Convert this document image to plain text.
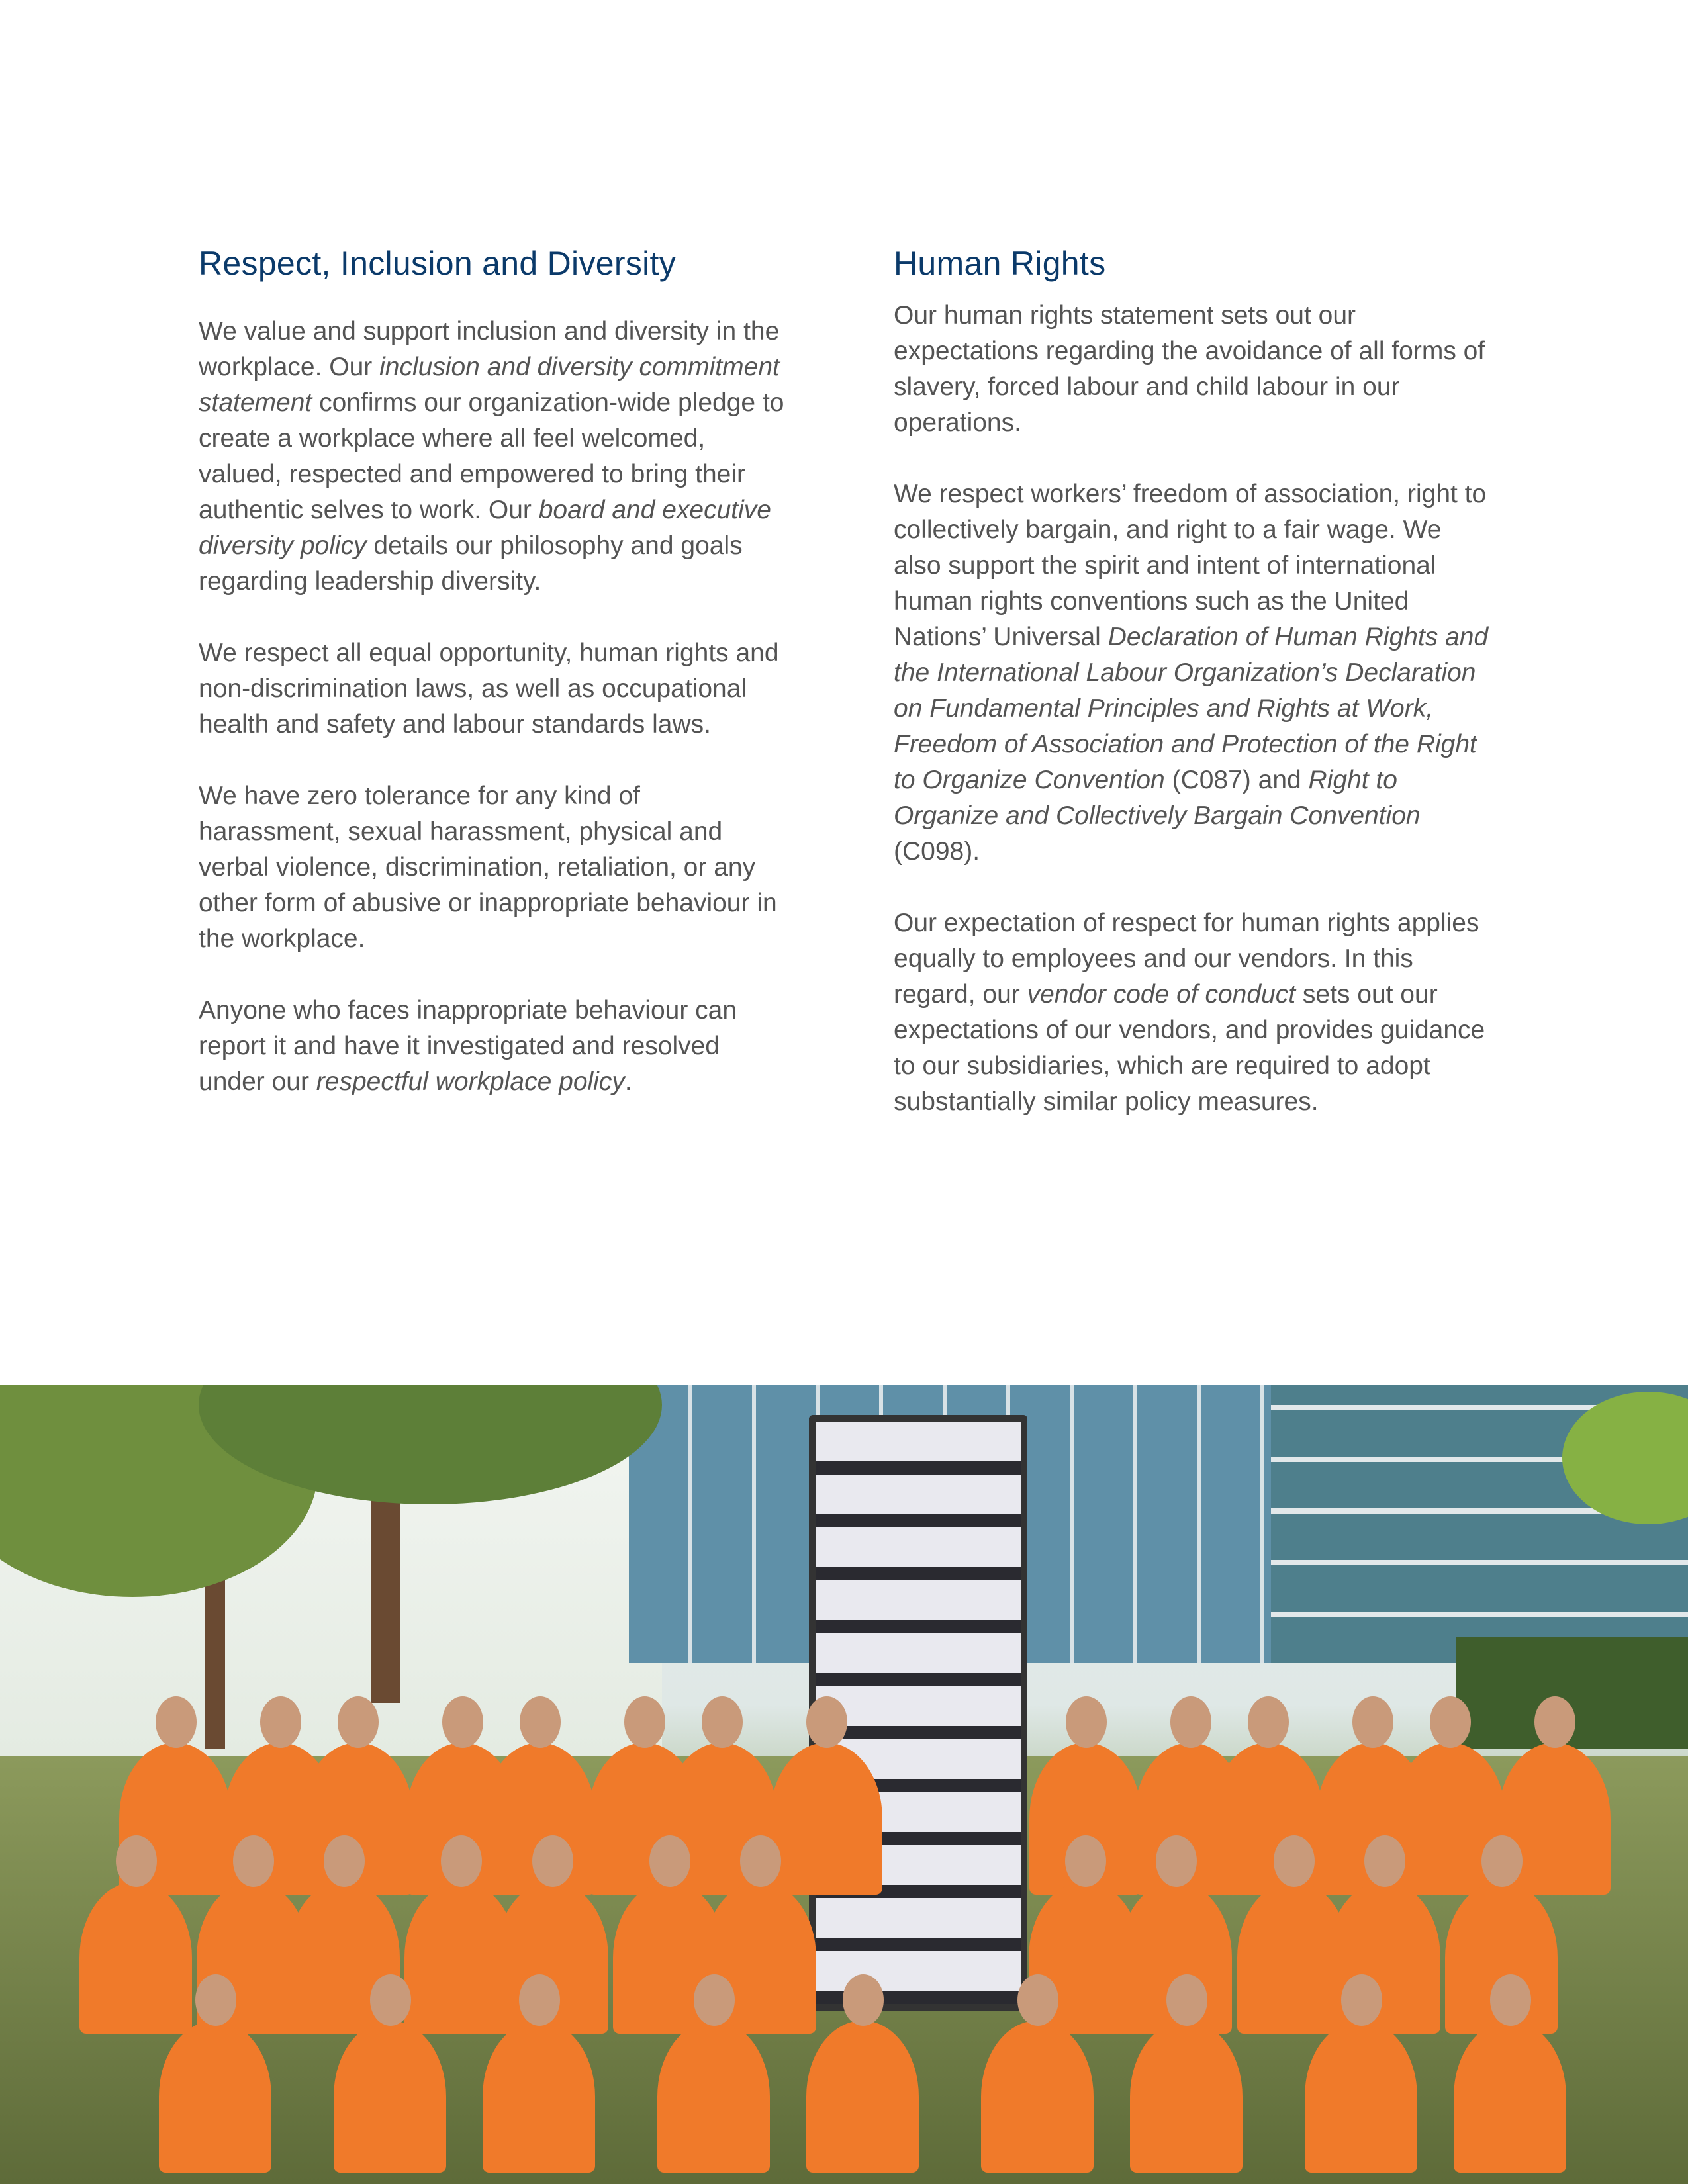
Respect, Inclusion and Diversity

We value and support inclusion and diversity in the workplace. Our inclusion and diversity commitment statement confirms our organization-wide pledge to create a workplace where all feel welcomed, valued, respected and empowered to bring their authentic selves to work. Our board and executive diversity policy details our philosophy and goals regarding leadership diversity.

We respect all equal opportunity, human rights and non-discrimination laws, as well as occupational health and safety and labour standards laws.

We have zero tolerance for any kind of harassment, sexual harassment, physical and verbal violence, discrimination, retaliation, or any other form of abusive or inappropriate behaviour in the workplace.

Anyone who faces inappropriate behaviour can report it and have it investigated and resolved under our respectful workplace policy.

Human Rights

Our human rights statement sets out our expectations regarding the avoidance of all forms of slavery, forced labour and child labour in our operations.

We respect workers’ freedom of association, right to collectively bargain, and right to a fair wage. We also support the spirit and intent of international human rights conventions such as the United Nations’ Universal Declaration of Human Rights and the International Labour Organization’s Declaration on Fundamental Principles and Rights at Work, Freedom of Association and Protection of the Right to Organize Convention (C087) and Right to Organize and Collectively Bargain Convention (C098).

Our expectation of respect for human rights applies equally to employees and our vendors. In this regard, our vendor code of conduct sets out our expectations of our vendors, and provides guidance to our subsidiaries, which are required to adopt substantially similar policy measures.
